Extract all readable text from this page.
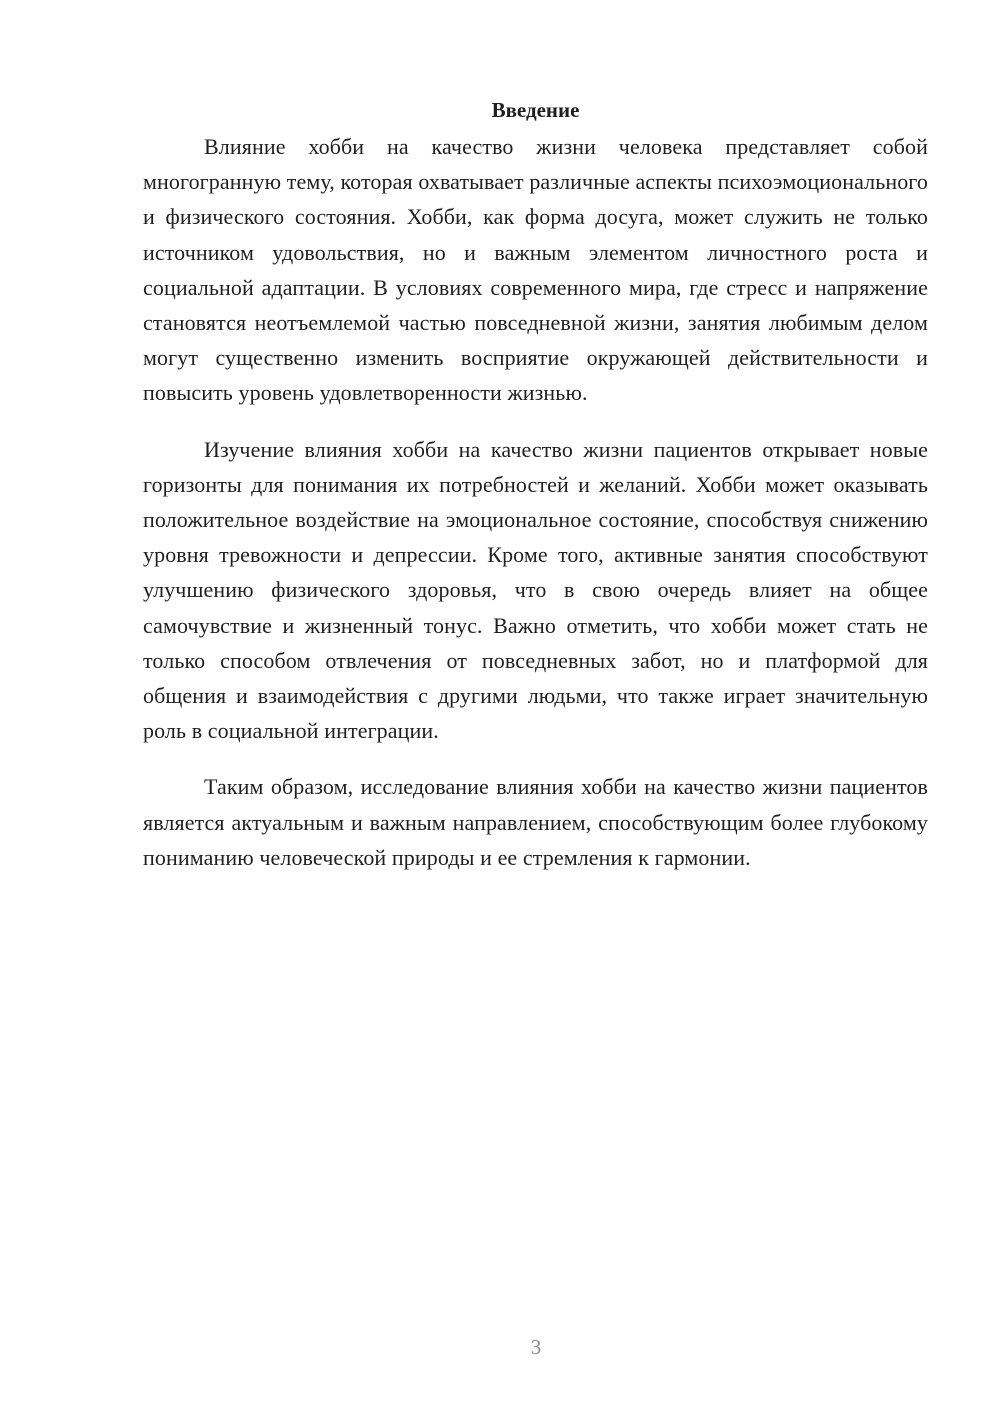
Введение

Влияние хобби на качество жизни человека представляет собой многогранную тему, которая охватывает различные аспекты психоэмоционального и физического состояния. Хобби, как форма досуга, может служить не только источником удовольствия, но и важным элементом личностного роста и социальной адаптации. В условиях современного мира, где стресс и напряжение становятся неотъемлемой частью повседневной жизни, занятия любимым делом могут существенно изменить восприятие окружающей действительности и повысить уровень удовлетворенности жизнью.

Изучение влияния хобби на качество жизни пациентов открывает новые горизонты для понимания их потребностей и желаний. Хобби может оказывать положительное воздействие на эмоциональное состояние, способствуя снижению уровня тревожности и депрессии. Кроме того, активные занятия способствуют улучшению физического здоровья, что в свою очередь влияет на общее самочувствие и жизненный тонус. Важно отметить, что хобби может стать не только способом отвлечения от повседневных забот, но и платформой для общения и взаимодействия с другими людьми, что также играет значительную роль в социальной интеграции.

Таким образом, исследование влияния хобби на качество жизни пациентов является актуальным и важным направлением, способствующим более глубокому пониманию человеческой природы и ее стремления к гармонии.

3
